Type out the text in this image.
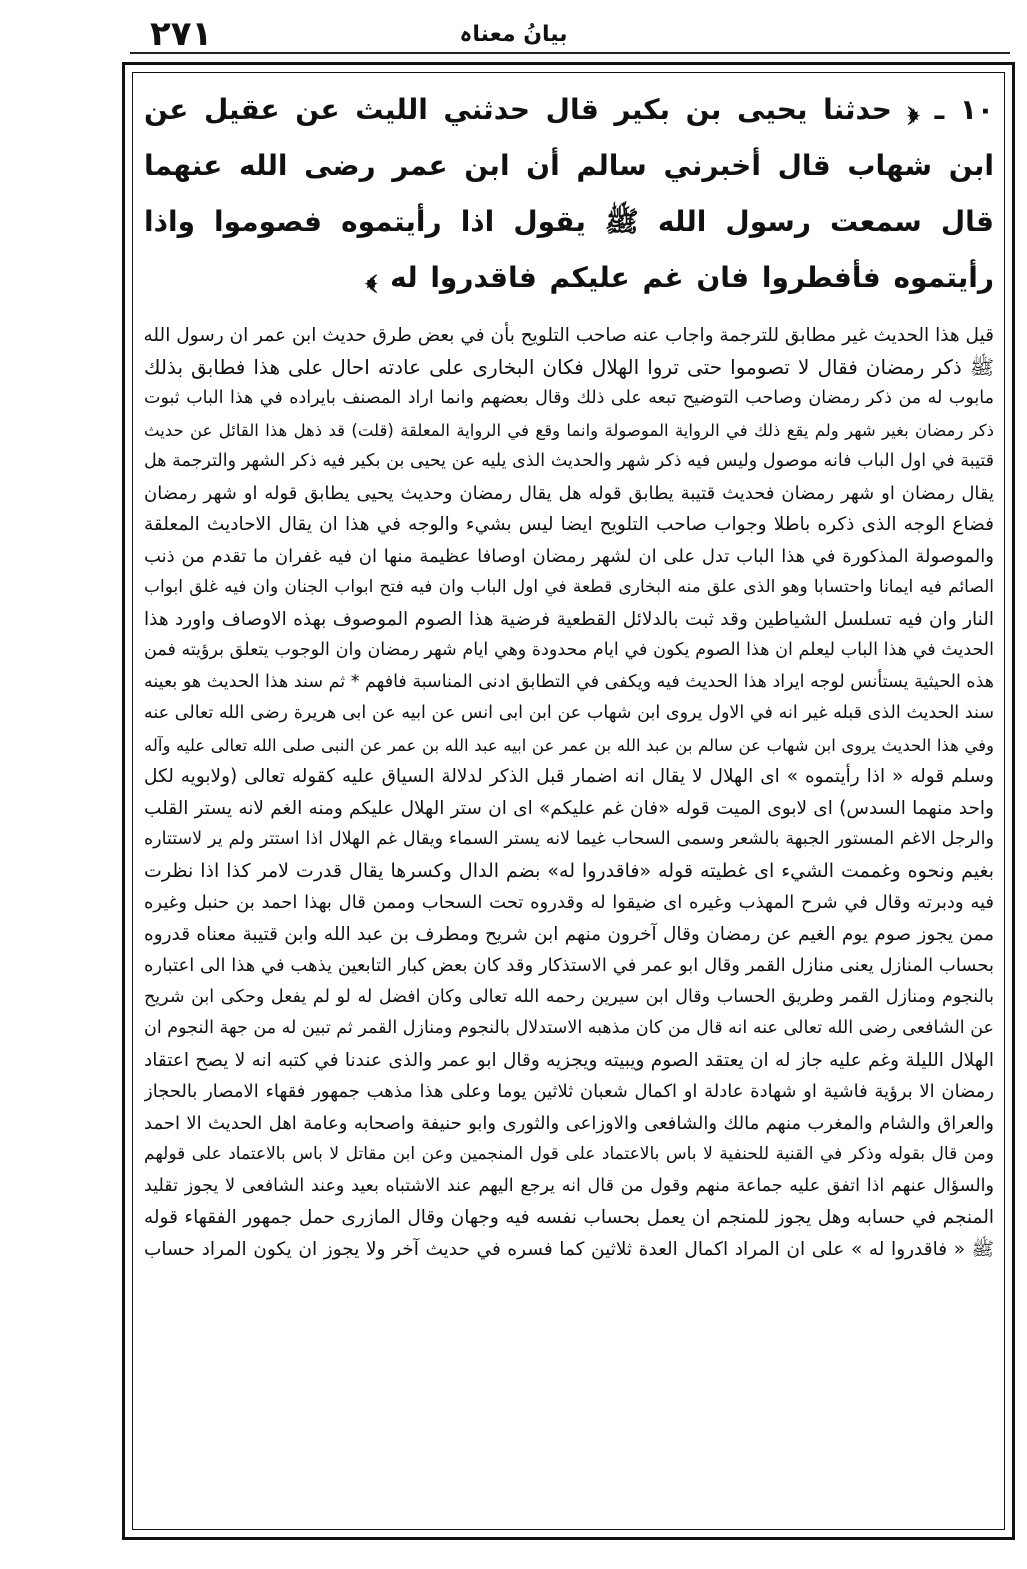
۲۷۱	بیانُ معناہ

١٠ ـ ﴿ حدثنا يحيى بن بكير قال حدثني الليث عن عقيل عن ابن شهاب قال أخبرني سالم أن ابن عمر رضى الله عنهما قال سمعت رسول الله ﷺ يقول اذا رأيتموه فصوموا واذا رأيتموه فأفطروا فان غم عليكم فاقدروا له ﴾

قيل هذا الحديث غير مطابق للترجمة واجاب عنه صاحب التلويح بأن في بعض طرق حديث ابن عمر ان رسول الله
ﷺ ذكر رمضان فقال لا تصوموا حتى تروا الهلال فكان البخارى على عادته احال على هذا فطابق بذلك
مابوب له من ذكر رمضان وصاحب التوضيح تبعه على ذلك وقال بعضهم وانما اراد المصنف بايراده في هذا الباب ثبوت
ذكر رمضان بغير شهر ولم يقع ذلك في الرواية الموصولة وانما وقع في الرواية المعلقة (قلت) قد ذهل هذا القائل عن حديث
قتيبة في اول الباب فانه موصول وليس فيه ذكر شهر والحديث الذى يليه عن يحيى بن بكير فيه ذكر الشهر والترجمة هل
يقال رمضان او شهر رمضان فحديث قتيبة يطابق قوله هل يقال رمضان وحديث يحيى يطابق قوله او شهر رمضان
فضاع الوجه الذى ذكره باطلا وجواب صاحب التلويح ايضا ليس بشيء والوجه في هذا ان يقال الاحاديث المعلقة
والموصولة المذكورة في هذا الباب تدل على ان لشهر رمضان اوصافا عظيمة منها ان فيه غفران ما تقدم من ذنب
الصائم فيه ايمانا واحتسابا وهو الذى علق منه البخارى قطعة في اول الباب وان فيه فتح ابواب الجنان وان فيه غلق ابواب
النار وان فيه تسلسل الشياطين وقد ثبت بالدلائل القطعية فرضية هذا الصوم الموصوف بهذه الاوصاف واورد هذا
الحديث في هذا الباب ليعلم ان هذا الصوم يكون في ايام محدودة وهي ايام شهر رمضان وان الوجوب يتعلق برؤيته فمن
هذه الحيثية يستأنس لوجه ايراد هذا الحديث فيه ويكفى في التطابق ادنى المناسبة فافهم * ثم سند هذا الحديث هو بعينه
سند الحديث الذى قبله غير انه في الاول يروى ابن شهاب عن ابن ابى انس عن ابيه عن ابى هريرة رضى الله تعالى عنه
وفي هذا الحديث يروى ابن شهاب عن سالم بن عبد الله بن عمر عن ابيه عبد الله بن عمر عن النبى صلى الله تعالى عليه وآله
وسلم قوله « اذا رأيتموه » اى الهلال لا يقال انه اضمار قبل الذكر لدلالة السياق عليه كقوله تعالى (ولابويه لكل
واحد منهما السدس) اى لابوى الميت قوله «فان غم عليكم» اى ان ستر الهلال عليكم ومنه الغم لانه يستر القلب
والرجل الاغم المستور الجبهة بالشعر وسمى السحاب غيما لانه يستر السماء ويقال غم الهلال اذا استتر ولم ير لاستتاره
بغيم ونحوه وغممت الشيء اى غطيته قوله «فاقدروا له» بضم الدال وكسرها يقال قدرت لامر كذا اذا نظرت
فيه ودبرته وقال في شرح المهذب وغيره اى ضيقوا له وقدروه تحت السحاب وممن قال بهذا احمد بن حنبل وغيره
ممن يجوز صوم يوم الغيم عن رمضان وقال آخرون منهم ابن شريح ومطرف بن عبد الله وابن قتيبة معناه قدروه
بحساب المنازل يعنى منازل القمر وقال ابو عمر في الاستذكار وقد كان بعض كبار التابعين يذهب في هذا الى اعتباره
بالنجوم ومنازل القمر وطريق الحساب وقال ابن سيرين رحمه الله تعالى وكان افضل له لو لم يفعل وحكى ابن شريح
عن الشافعى رضى الله تعالى عنه انه قال من كان مذهبه الاستدلال بالنجوم ومنازل القمر ثم تبين له من جهة النجوم ان
الهلال الليلة وغم عليه جاز له ان يعتقد الصوم ويبيته ويجزيه وقال ابو عمر والذى عندنا في كتبه انه لا يصح اعتقاد
رمضان الا برؤية فاشية او شهادة عادلة او اكمال شعبان ثلاثين يوما وعلى هذا مذهب جمهور فقهاء الامصار بالحجاز
والعراق والشام والمغرب منهم مالك والشافعى والاوزاعى والثورى وابو حنيفة واصحابه وعامة اهل الحديث الا احمد
ومن قال بقوله وذكر في القنية للحنفية لا باس بالاعتماد على قول المنجمين وعن ابن مقاتل لا باس بالاعتماد على قولهم
والسؤال عنهم اذا اتفق عليه جماعة منهم وقول من قال انه يرجع اليهم عند الاشتباه بعيد وعند الشافعى لا يجوز تقليد
المنجم في حسابه وهل يجوز للمنجم ان يعمل بحساب نفسه فيه وجهان وقال المازرى حمل جمهور الفقهاء قوله
ﷺ « فاقدروا له » على ان المراد اكمال العدة ثلاثين كما فسره في حديث آخر ولا يجوز ان يكون المراد حساب
